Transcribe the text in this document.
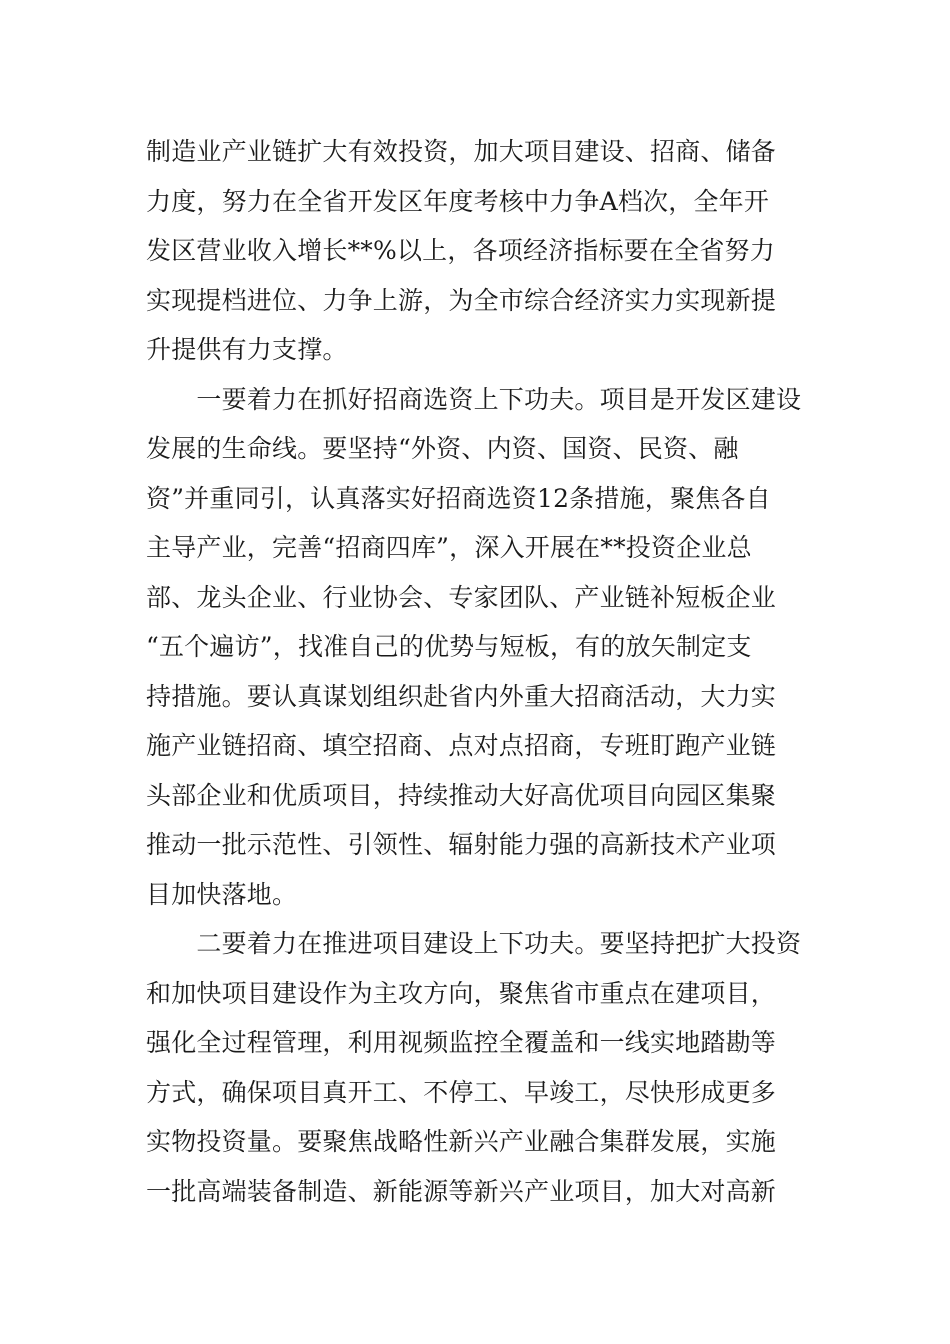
制造业产业链扩大有效投资，加大项目建设、招商、储备
力度，努力在全省开发区年度考核中力争A档次，全年开
发区营业收入增长**%以上，各项经济指标要在全省努力
实现提档进位、力争上游，为全市综合经济实力实现新提
升提供有力支撑。
　　一要着力在抓好招商选资上下功夫。项目是开发区建设
发展的生命线。要坚持“外资、内资、国资、民资、融
资”并重同引，认真落实好招商选资12条措施，聚焦各自
主导产业，完善“招商四库”，深入开展在**投资企业总
部、龙头企业、行业协会、专家团队、产业链补短板企业
“五个遍访”，找准自己的优势与短板，有的放矢制定支
持措施。要认真谋划组织赴省内外重大招商活动，大力实
施产业链招商、填空招商、点对点招商，专班盯跑产业链
头部企业和优质项目，持续推动大好高优项目向园区集聚
推动一批示范性、引领性、辐射能力强的高新技术产业项
目加快落地。
　　二要着力在推进项目建设上下功夫。要坚持把扩大投资
和加快项目建设作为主攻方向，聚焦省市重点在建项目，
强化全过程管理，利用视频监控全覆盖和一线实地踏勘等
方式，确保项目真开工、不停工、早竣工，尽快形成更多
实物投资量。要聚焦战略性新兴产业融合集群发展，实施
一批高端装备制造、新能源等新兴产业项目，加大对高新
